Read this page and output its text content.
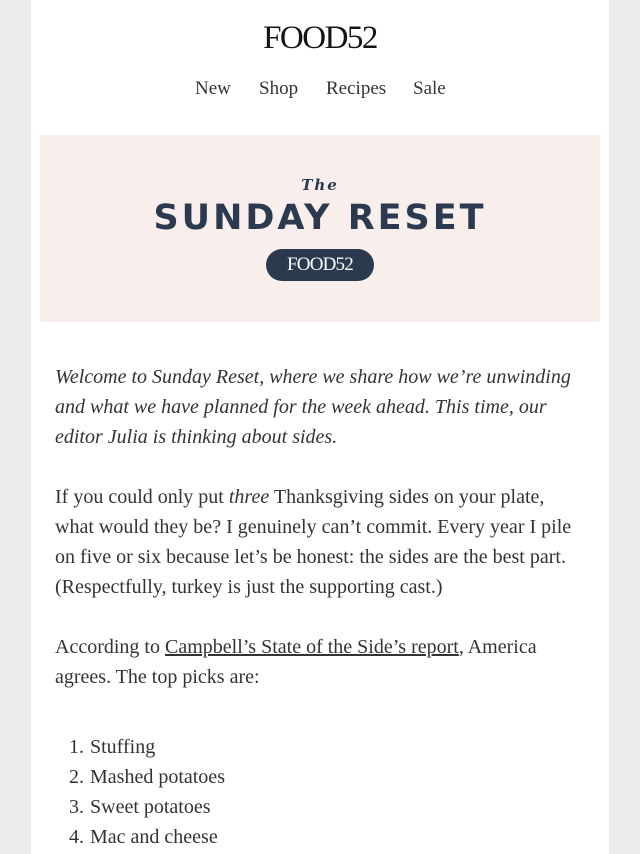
FOOD52
New Shop Recipes Sale
The
SUNDAY RESET
FOOD52

Welcome to Sunday Reset, where we share how we’re unwinding and what we have planned for the week ahead. This time, our editor Julia is thinking about sides.

If you could only put three Thanksgiving sides on your plate, what would they be? I genuinely can’t commit. Every year I pile on five or six because let’s be honest: the sides are the best part. (Respectfully, turkey is just the supporting cast.)

According to Campbell’s State of the Side’s report, America agrees. The top picks are:

1. Stuffing
2. Mashed potatoes
3. Sweet potatoes
4. Mac and cheese
